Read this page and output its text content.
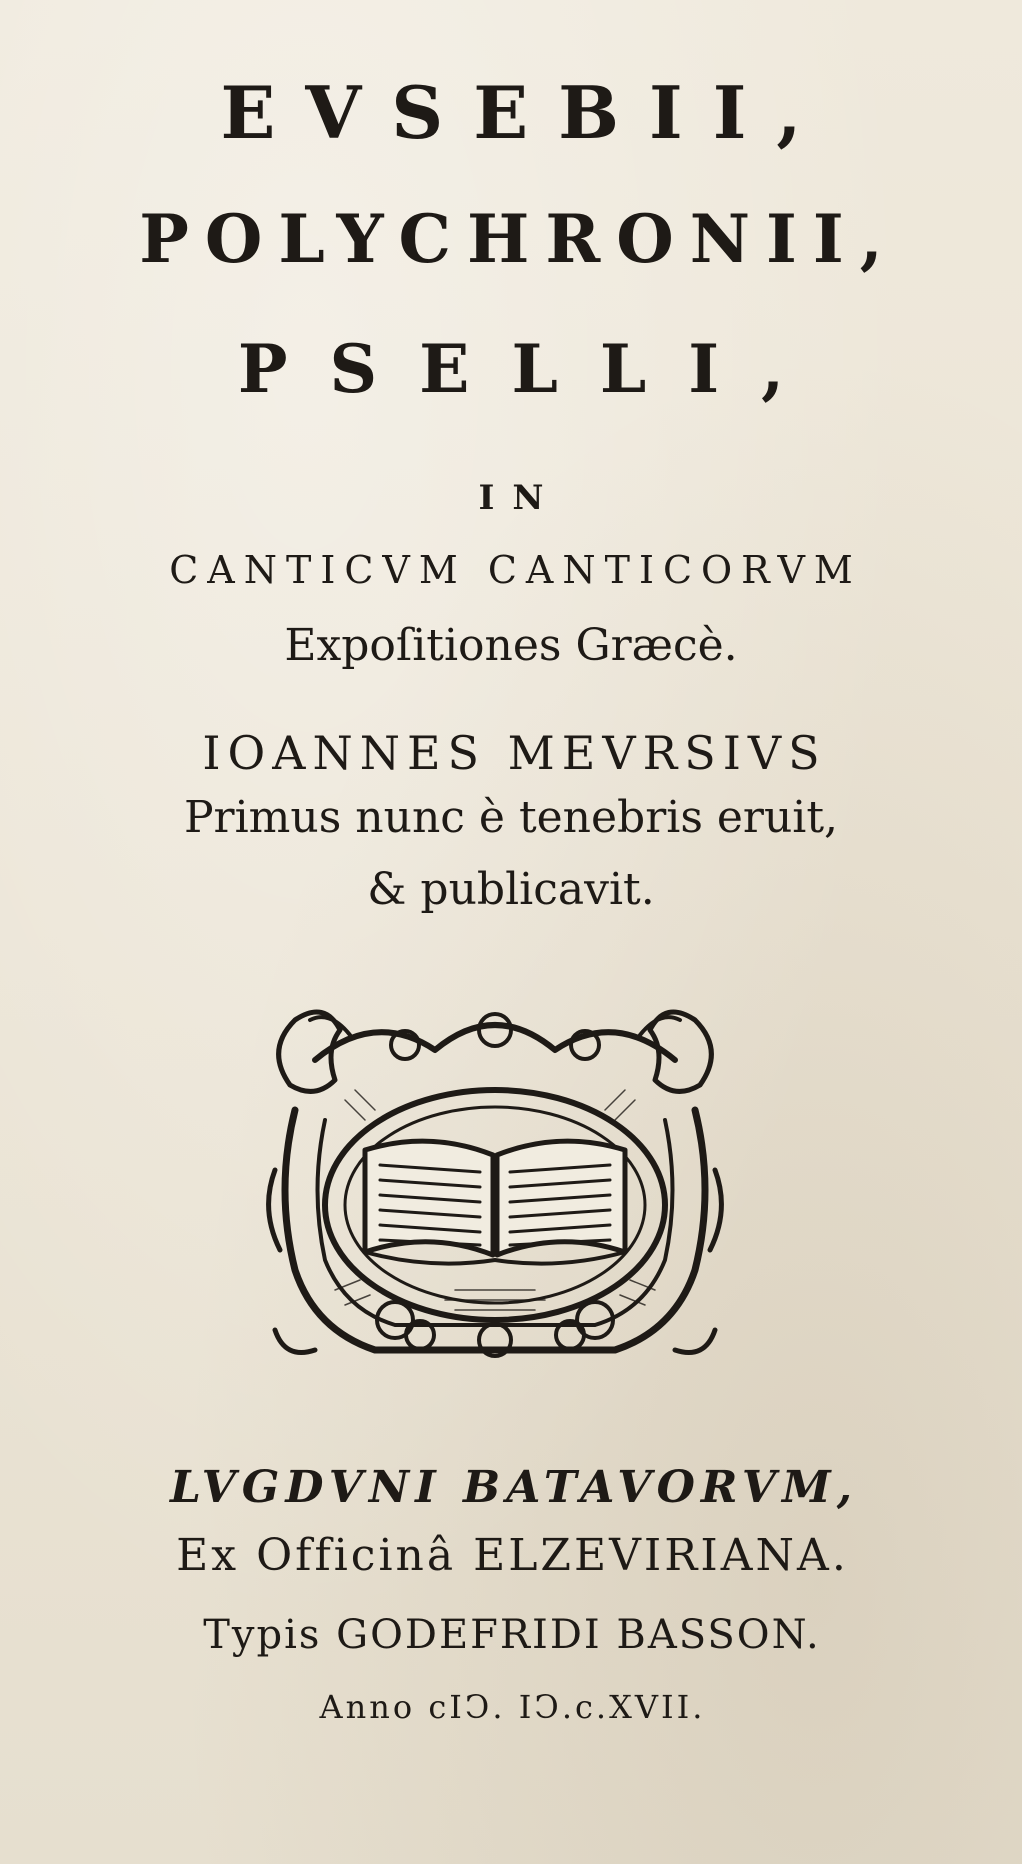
EVSEBII,

POLYCHRONII,

PSELLI,

IN

CANTICVM CANTICORVM

Expoſitiones Græcè.

IOANNES MEVRSIVS

Primus nunc è tenebris eruit,

& publicavit.

LVGDVNI BATAVORVM,

Ex Officinâ ELZEVIRIANA.

Typis GODEFRIDI BASSON.

Anno cIↃ. IↃ.c.XVII.
